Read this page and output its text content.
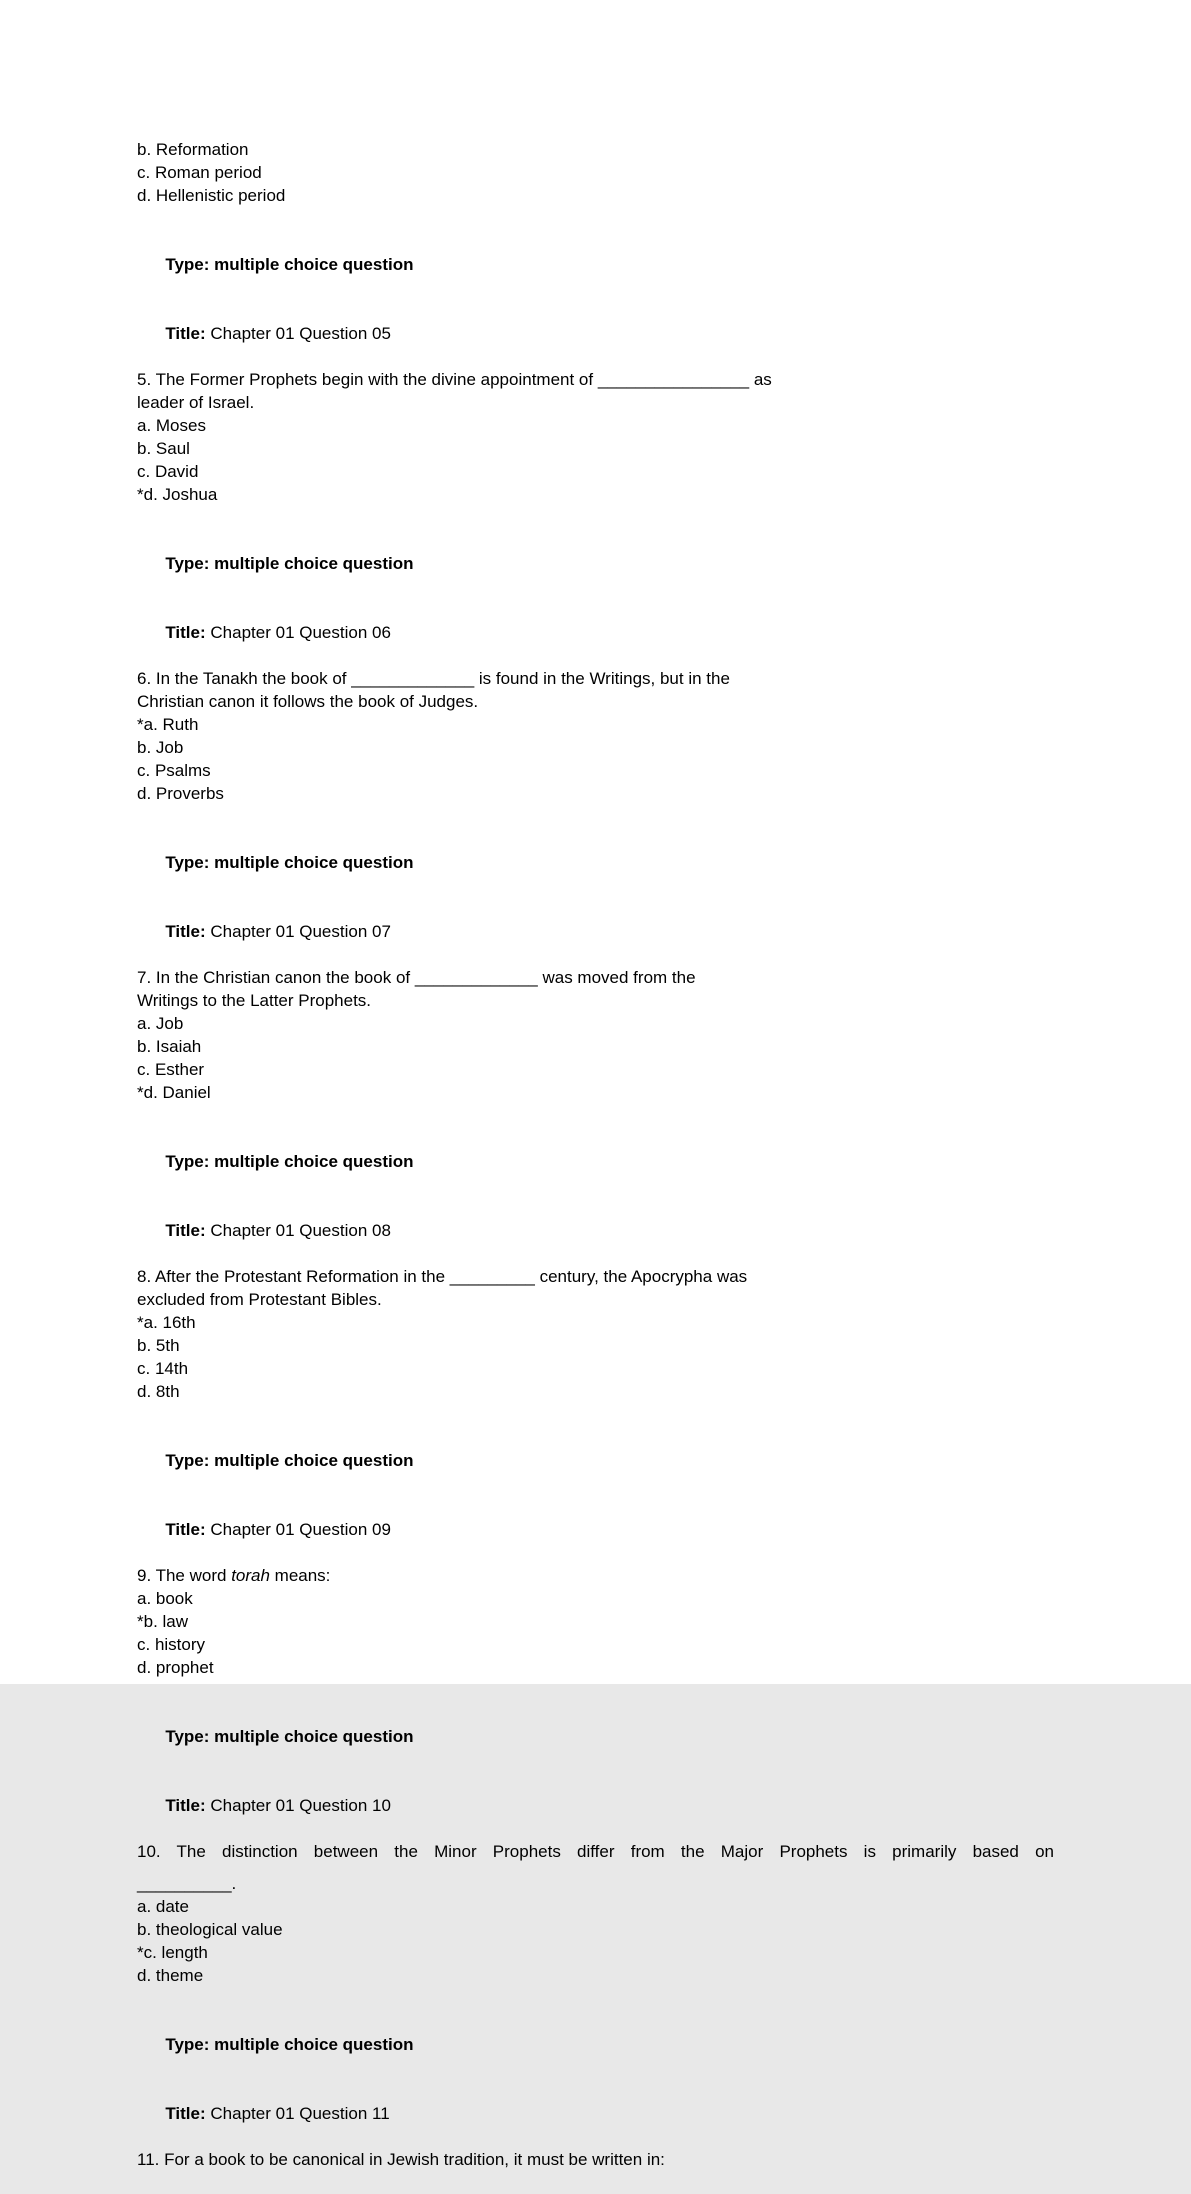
b. Reformation
c. Roman period
d. Hellenistic period

Type: multiple choice question

Title: Chapter 01 Question 05

5. The Former Prophets begin with the divine appointment of ________________ as
leader of Israel.
a. Moses
b. Saul
c. David
*d. Joshua

Type: multiple choice question

Title: Chapter 01 Question 06

6. In the Tanakh the book of _____________ is found in the Writings, but in the
Christian canon it follows the book of Judges.
*a. Ruth
b. Job
c. Psalms
d. Proverbs

Type: multiple choice question

Title: Chapter 01 Question 07

7. In the Christian canon the book of _____________ was moved from the
Writings to the Latter Prophets.
a. Job
b. Isaiah
c. Esther
*d. Daniel

Type: multiple choice question

Title: Chapter 01 Question 08

8. After the Protestant Reformation in the _________ century, the Apocrypha was
excluded from Protestant Bibles.
*a. 16th
b. 5th
c. 14th
d. 8th

Type: multiple choice question

Title: Chapter 01 Question 09

9. The word torah means:
a. book
*b. law
c. history
d. prophet

Type: multiple choice question

Title: Chapter 01 Question 10

10. The distinction between the Minor Prophets differ from the Major Prophets is primarily based on
__________.
a. date
b. theological value
*c. length
d. theme

Type: multiple choice question

Title: Chapter 01 Question 11

11. For a book to be canonical in Jewish tradition, it must be written in:
